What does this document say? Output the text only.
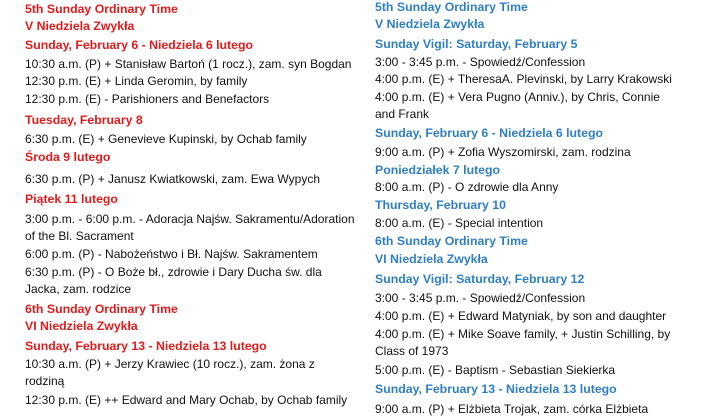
5th Sunday Ordinary Time
V Niedziela Zwykła
Sunday, February 6 - Niedziela 6 lutego
10:30 a.m. (P) + Stanisław Bartoń (1 rocz.), zam. syn Bogdan
12:30 p.m. (E) + Linda Geromin, by family
12:30 p.m. (E) - Parishioners and Benefactors
Tuesday, February 8
6:30 p.m. (E) + Genevieve Kupinski, by Ochab family
Środa 9 lutego
6:30 p.m. (P) + Janusz Kwiatkowski, zam. Ewa Wypych
Piątek 11 lutego
3:00 p.m. - 6:00 p.m. - Adoracja Najśw. Sakramentu/Adoration
of the Bl. Sacrament
6:00 p.m. (P) - Nabożeństwo i Bł. Najśw. Sakramentem
6:30 p.m. (P) - O Boże bł., zdrowie i Dary Ducha św. dla
Jacka, zam. rodzice
6th Sunday Ordinary Time
VI Niedziela Zwykła
Sunday, February 13 - Niedziela 13 lutego
10:30 a.m. (P) + Jerzy Krawiec (10 rocz.), zam. żona z
rodziną
12:30 p.m. (E) ++ Edward and Mary Ochab, by Ochab family
5th Sunday Ordinary Time
V Niedziela Zwykła
Sunday Vigil: Saturday, February 5
3:00 - 3:45 p.m. - Spowiedź/Confession
4:00 p.m. (E) + TheresaA. Plevinski, by Larry Krakowski
4:00 p.m. (E) + Vera Pugno (Anniv.), by Chris, Connie
and Frank
Sunday, February 6 - Niedziela 6 lutego
9:00 a.m. (P) + Zofia Wyszomirski, zam. rodzina
Poniedziałek 7 lutego
8:00 a.m. (P) - O zdrowie dla Anny
Thursday, February 10
8:00 a.m. (E) - Special intention
6th Sunday Ordinary Time
VI Niedziela Zwykła
Sunday Vigil: Saturday, February 12
3:00 - 3:45 p.m. - Spowiedź/Confession
4:00 p.m. (E) + Edward Matyniak, by son and daughter
4:00 p.m. (E) + Mike Soave family, + Justin Schilling, by
Class of 1973
5:00 p.m. (E) - Baptism - Sebastian Siekierka
Sunday, February 13 - Niedziela 13 lutego
9:00 a.m. (P) + Elżbieta Trojak, zam. córka Elżbieta
